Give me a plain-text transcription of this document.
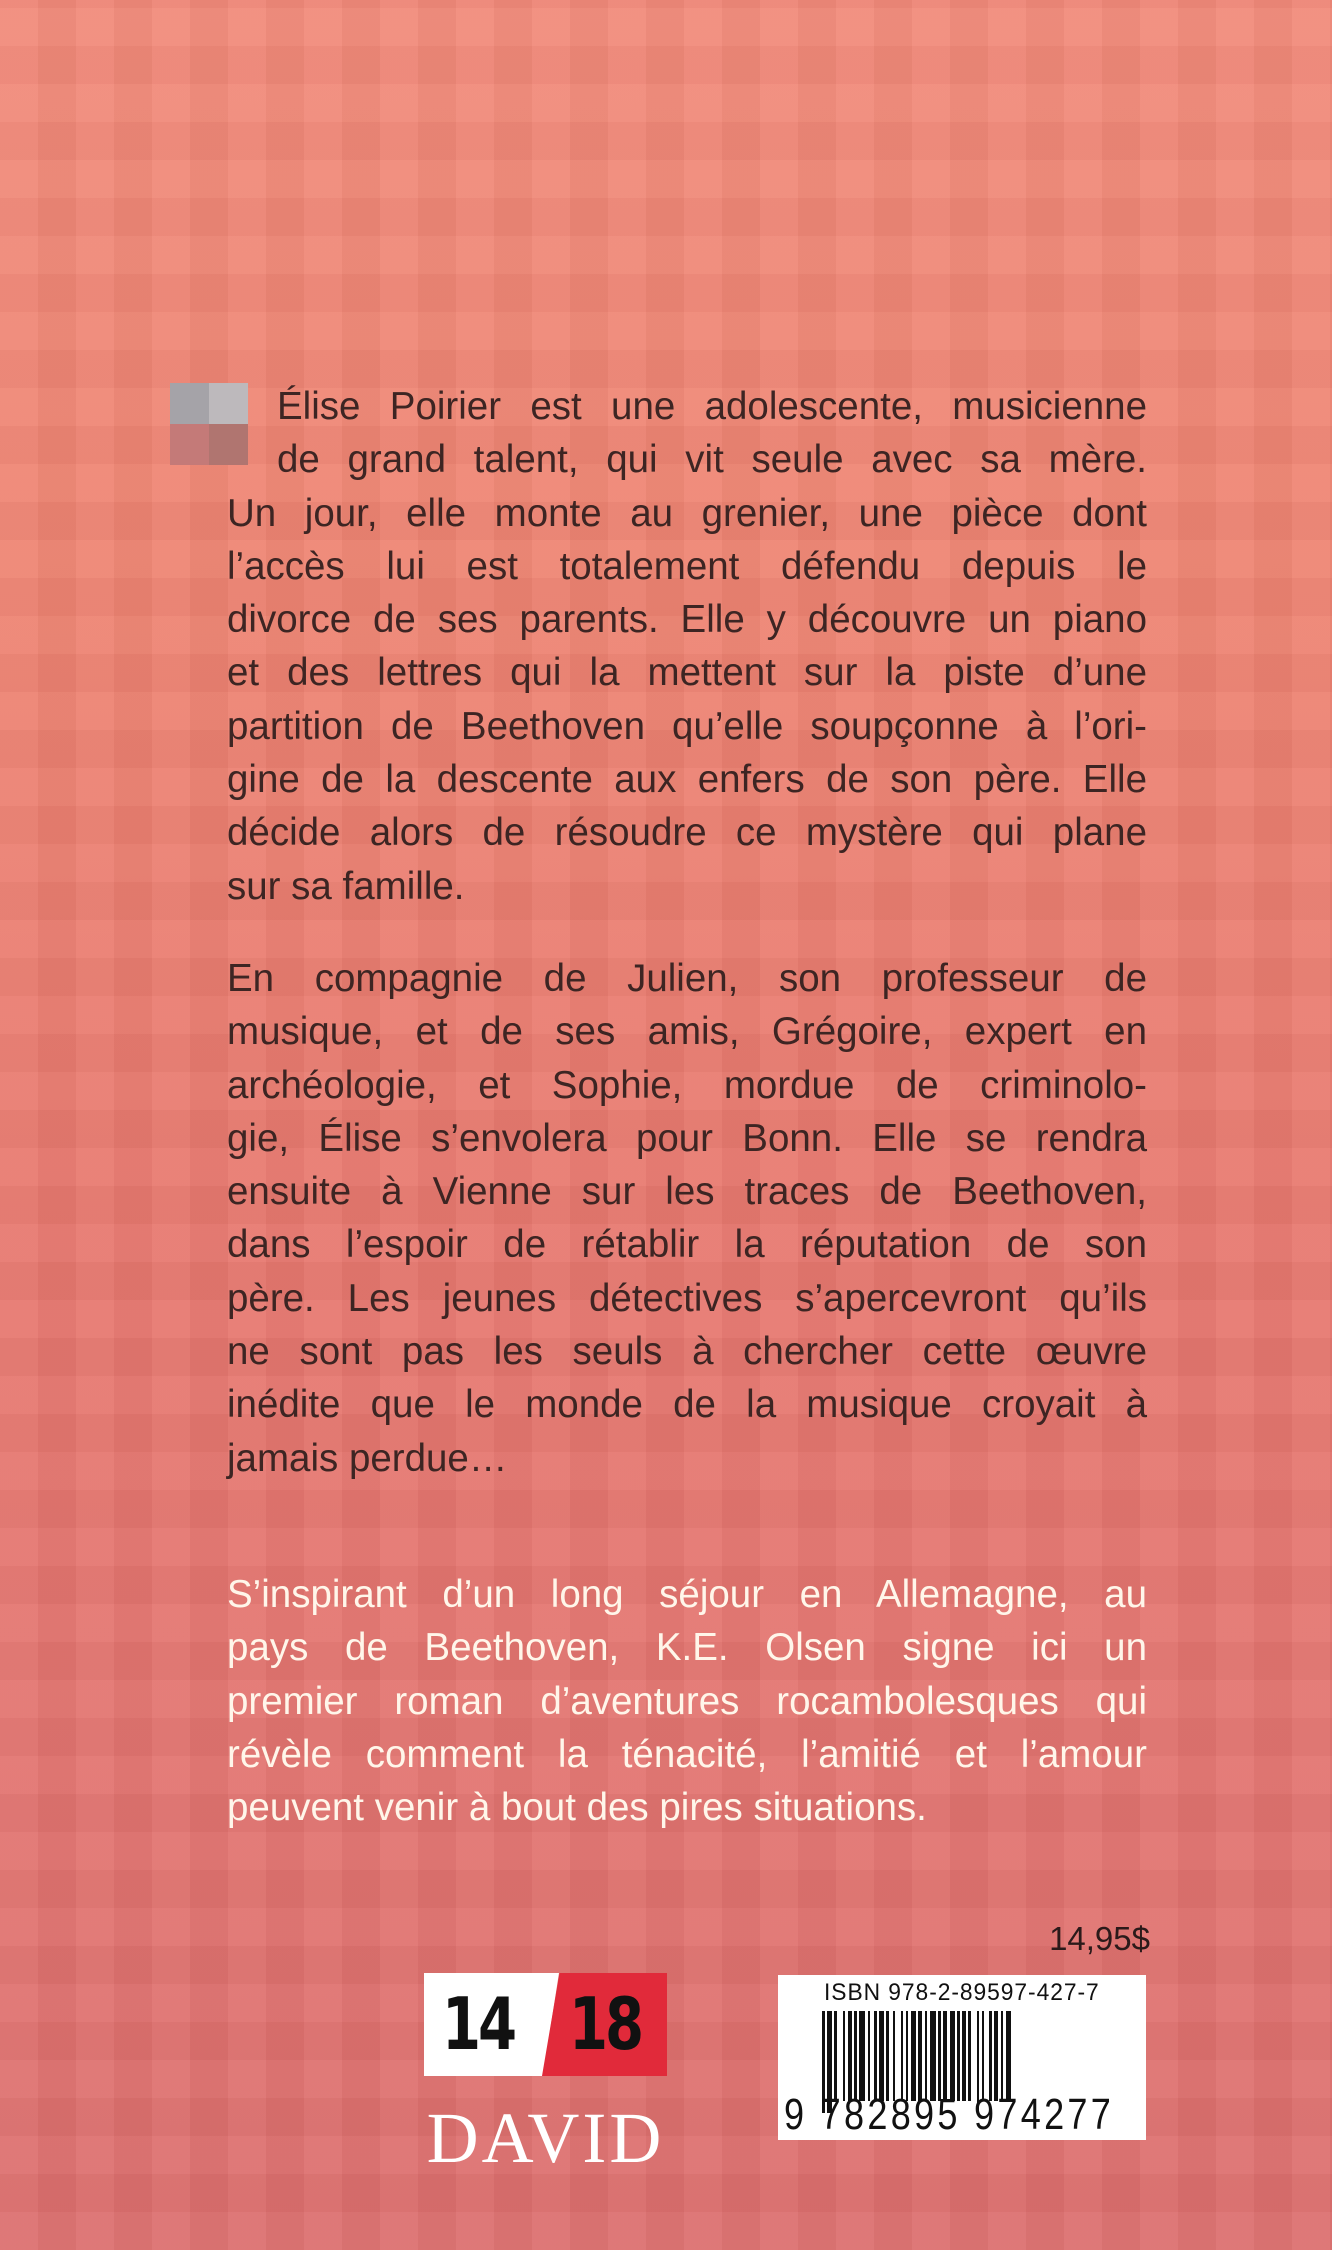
Élise Poirier est une adolescente, musicienne
de grand talent, qui vit seule avec sa mère.
Un jour, elle monte au grenier, une pièce dont
l’accès lui est totalement défendu depuis le
divorce de ses parents. Elle y découvre un piano
et des lettres qui la mettent sur la piste d’une
partition de Beethoven qu’elle soupçonne à l’ori-
gine de la descente aux enfers de son père. Elle
décide alors de résoudre ce mystère qui plane
sur sa famille.
En compagnie de Julien, son professeur de
musique, et de ses amis, Grégoire, expert en
archéologie, et Sophie, mordue de criminolo-
gie, Élise s’envolera pour Bonn. Elle se rendra
ensuite à Vienne sur les traces de Beethoven,
dans l’espoir de rétablir la réputation de son
père. Les jeunes détectives s’apercevront qu’ils
ne sont pas les seuls à chercher cette œuvre
inédite que le monde de la musique croyait à
jamais perdue…
S’inspirant d’un long séjour en Allemagne, au
pays de Beethoven, K.E. Olsen signe ici un
premier roman d’aventures rocambolesques qui
révèle comment la ténacité, l’amitié et l’amour
peuvent venir à bout des pires situations.
14,95$
14 18
DAVID
ISBN 978-2-89597-427-7
9 782895 974277
